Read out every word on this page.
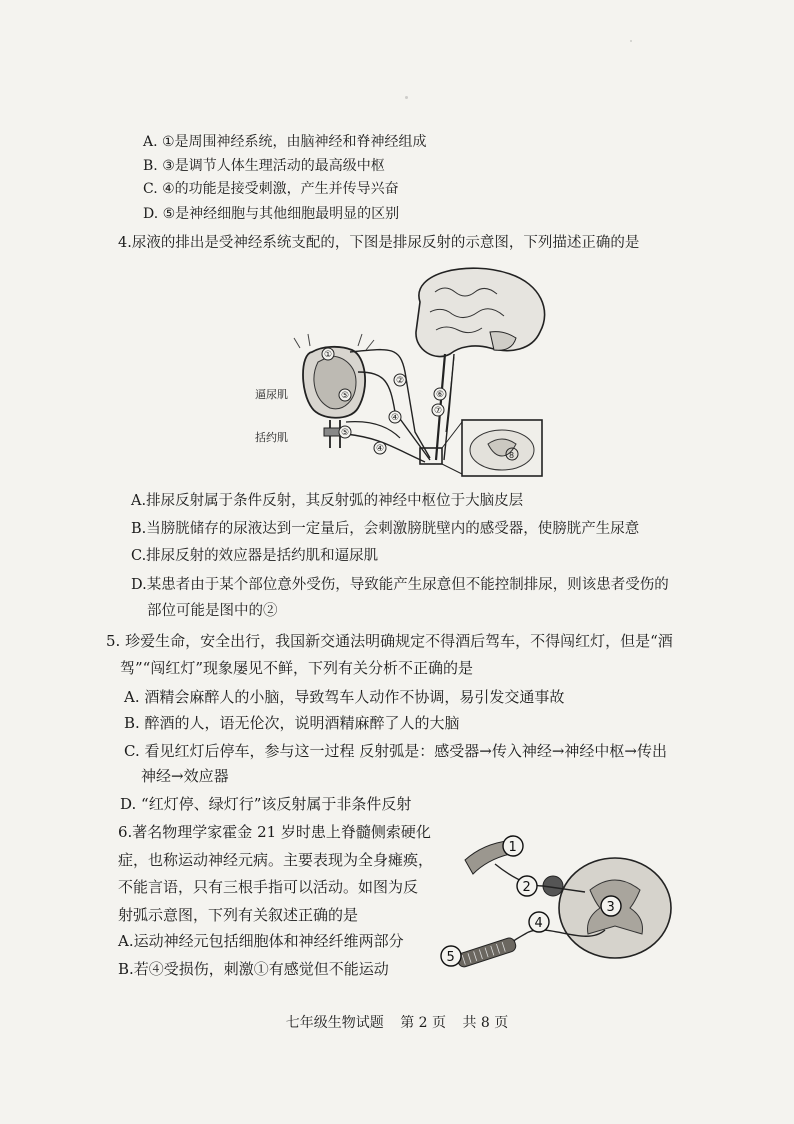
A. ①是周围神经系统，由脑神经和脊神经组成
B. ③是调节人体生理活动的最高级中枢
C. ④的功能是接受刺激，产生并传导兴奋
D. ⑤是神经细胞与其他细胞最明显的区别
4.尿液的排出是受神经系统支配的，下图是排尿反射的示意图，下列描述正确的是
8
①
②
⑤
④
⑤
④
⑥
⑦
逼尿肌
括约肌
A.排尿反射属于条件反射，其反射弧的神经中枢位于大脑皮层
B.当膀胱储存的尿液达到一定量后，会刺激膀胱壁内的感受器，使膀胱产生尿意
C.排尿反射的效应器是括约肌和逼尿肌
D.某患者由于某个部位意外受伤，导致能产生尿意但不能控制排尿，则该患者受伤的
部位可能是图中的②
5. 珍爱生命，安全出行，我国新交通法明确规定不得酒后驾车，不得闯红灯，但是“酒
驾”“闯红灯”现象屡见不鲜，下列有关分析不正确的是
A. 酒精会麻醉人的小脑，导致驾车人动作不协调，易引发交通事故
B. 醉酒的人，语无伦次，说明酒精麻醉了人的大脑
C. 看见红灯后停车，参与这一过程 反射弧是：感受器→传入神经→神经中枢→传出
神经→效应器
D. “红灯停、绿灯行”该反射属于非条件反射
6.著名物理学家霍金 21 岁时患上脊髓侧索硬化
症，也称运动神经元病。主要表现为全身瘫痪，
不能言语，只有三根手指可以活动。如图为反
射弧示意图，下列有关叙述正确的是
A.运动神经元包括细胞体和神经纤维两部分
B.若④受损伤，刺激①有感觉但不能运动
1
2
3
4
5
七年级生物试题 第 2 页 共 8 页
